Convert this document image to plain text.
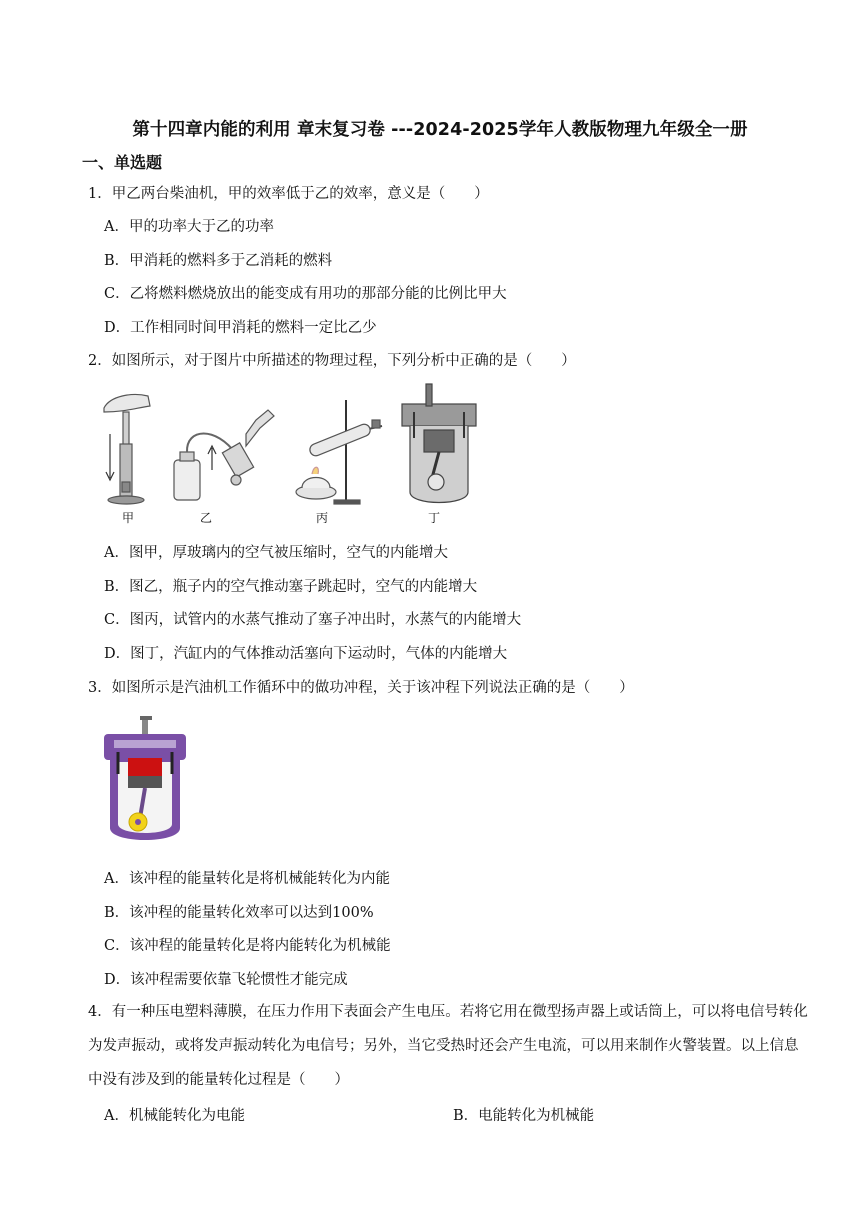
第十四章内能的利用 章末复习卷 ---2024-2025学年人教版物理九年级全一册
一、单选题
1．甲乙两台柴油机，甲的效率低于乙的效率，意义是（　　）
A．甲的功率大于乙的功率
B．甲消耗的燃料多于乙消耗的燃料
C．乙将燃料燃烧放出的能变成有用功的那部分能的比例比甲大
D．工作相同时间甲消耗的燃料一定比乙少
2．如图所示，对于图片中所描述的物理过程，下列分析中正确的是（　　）
甲	乙	丙	丁
A．图甲，厚玻璃内的空气被压缩时，空气的内能增大
B．图乙，瓶子内的空气推动塞子跳起时，空气的内能增大
C．图丙，试管内的水蒸气推动了塞子冲出时，水蒸气的内能增大
D．图丁，汽缸内的气体推动活塞向下运动时，气体的内能增大
3．如图所示是汽油机工作循环中的做功冲程，关于该冲程下列说法正确的是（　　）
A．该冲程的能量转化是将机械能转化为内能
B．该冲程的能量转化效率可以达到100%
C．该冲程的能量转化是将内能转化为机械能
D．该冲程需要依靠飞轮惯性才能完成
4．有一种压电塑料薄膜，在压力作用下表面会产生电压。若将它用在微型扬声器上或话筒上，可以将电信号转化为发声振动，或将发声振动转化为电信号；另外，当它受热时还会产生电流，可以用来制作火警装置。以上信息中没有涉及到的能量转化过程是（　　）
A．机械能转化为电能	B．电能转化为机械能
